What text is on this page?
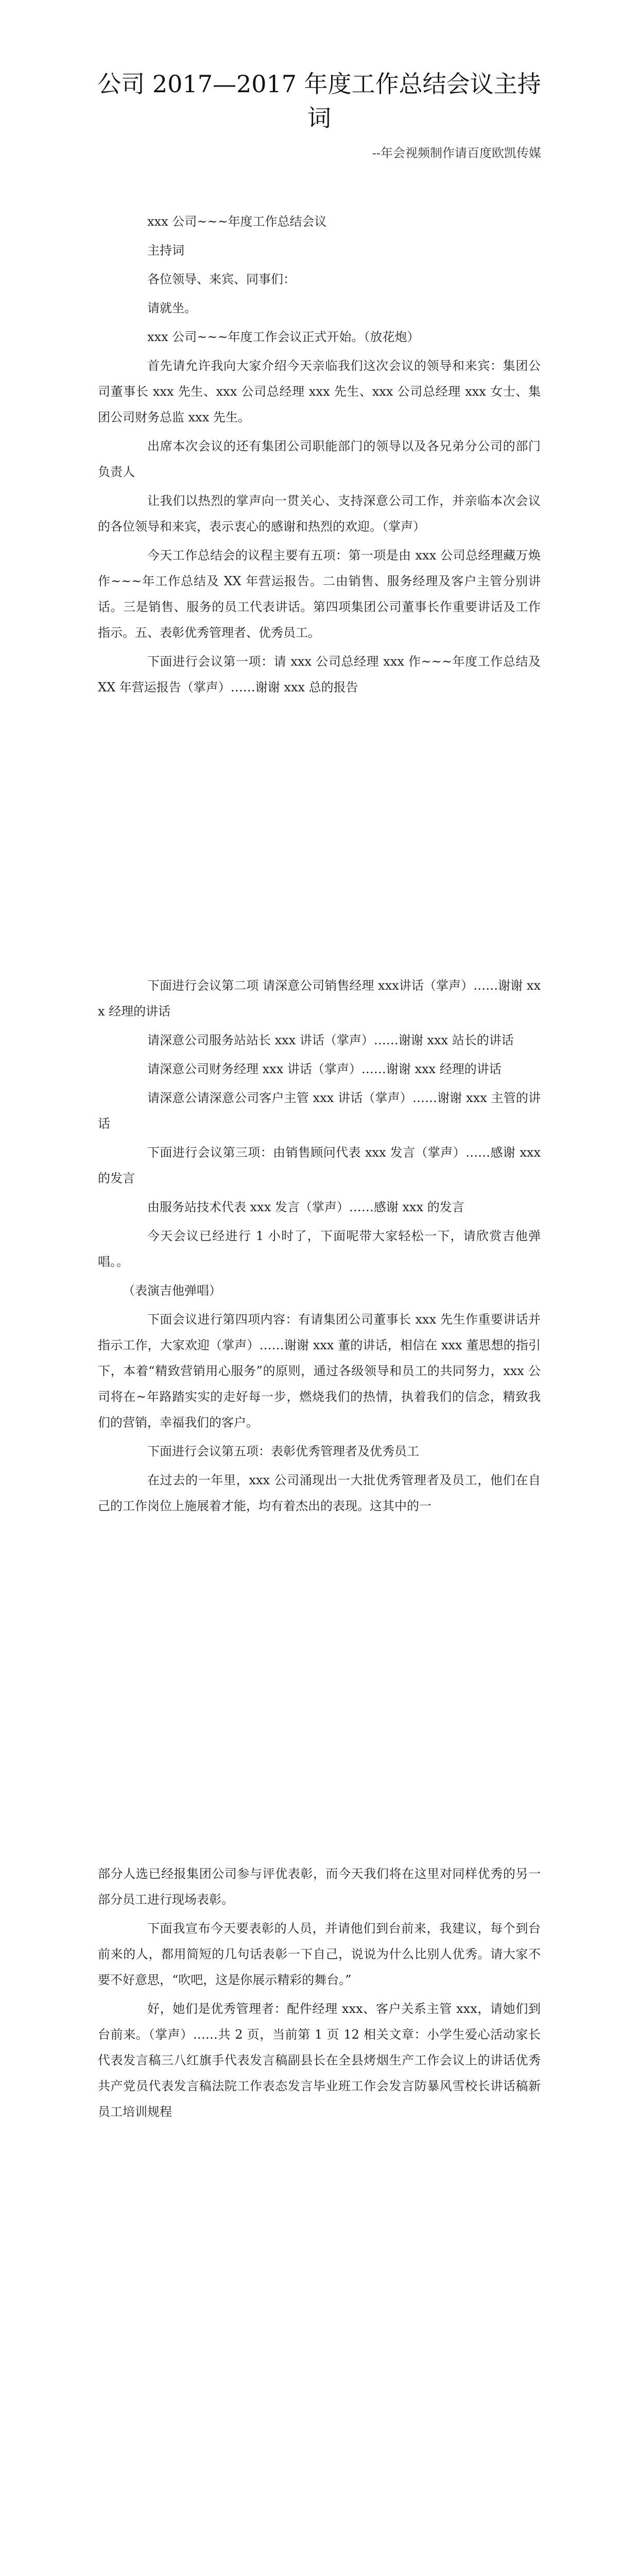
公司 2017—2017 年度工作总结会议主持词
--年会视频制作请百度欧凯传媒

xxx 公司~~~年度工作总结会议

主持词

各位领导、来宾、同事们：

请就坐。

xxx 公司~~~年度工作会议正式开始。（放花炮）

首先请允许我向大家介绍今天亲临我们这次会议的领导和来宾：集团公司董事长 xxx 先生、xxx 公司总经理 xxx 先生、xxx 公司总经理 xxx 女士、集团公司财务总监 xxx 先生。

出席本次会议的还有集团公司职能部门的领导以及各兄弟分公司的部门负责人

让我们以热烈的掌声向一贯关心、支持深意公司工作，并亲临本次会议的各位领导和来宾，表示衷心的感谢和热烈的欢迎。（掌声）

今天工作总结会的议程主要有五项：第一项是由 xxx 公司总经理藏万焕作~~~年工作总结及 XX 年营运报告。二由销售、服务经理及客户主管分别讲话。三是销售、服务的员工代表讲话。第四项集团公司董事长作重要讲话及工作指示。五、表彰优秀管理者、优秀员工。

下面进行会议第一项：请 xxx 公司总经理 xxx 作~~~年度工作总结及 XX 年营运报告（掌声）……谢谢 xxx 总的报告

下面进行会议第二项 请深意公司销售经理 xxx讲话（掌声）……谢谢 xxx 经理的讲话

请深意公司服务站站长 xxx 讲话（掌声）……谢谢 xxx 站长的讲话

请深意公司财务经理 xxx 讲话（掌声）……谢谢 xxx 经理的讲话

请深意公请深意公司客户主管 xxx 讲话（掌声）……谢谢 xxx 主管的讲话

下面进行会议第三项：由销售顾问代表 xxx 发言（掌声）……感谢 xxx 的发言

由服务站技术代表 xxx 发言（掌声）……感谢 xxx 的发言

今天会议已经进行 1 小时了，下面呢带大家轻松一下，请欣赏吉他弹唱。。

（表演吉他弹唱）

下面会议进行第四项内容：有请集团公司董事长 xxx 先生作重要讲话并指示工作，大家欢迎（掌声）……谢谢 xxx 董的讲话，相信在 xxx 董思想的指引下，本着“精致营销用心服务”的原则，通过各级领导和员工的共同努力，xxx 公司将在~年路踏实实的走好每一步，燃烧我们的热情，执着我们的信念，精致我们的营销，幸福我们的客户。

下面进行会议第五项：表彰优秀管理者及优秀员工

在过去的一年里，xxx 公司涌现出一大批优秀管理者及员工，他们在自己的工作岗位上施展着才能，均有着杰出的表现。这其中的一

部分人选已经报集团公司参与评优表彰，而今天我们将在这里对同样优秀的另一部分员工进行现场表彰。

下面我宣布今天要表彰的人员，并请他们到台前来，我建议，每个到台前来的人，都用简短的几句话表彰一下自己，说说为什么比别人优秀。请大家不要不好意思，“吹吧，这是你展示精彩的舞台。”

好，她们是优秀管理者：配件经理 xxx、客户关系主管 xxx，请她们到台前来。（掌声）……共 2 页，当前第 1 页 12 相关文章：小学生爱心活动家长代表发言稿三八红旗手代表发言稿副县长在全县烤烟生产工作会议上的讲话优秀共产党员代表发言稿法院工作表态发言毕业班工作会发言防暴风雪校长讲话稿新员工培训规程
